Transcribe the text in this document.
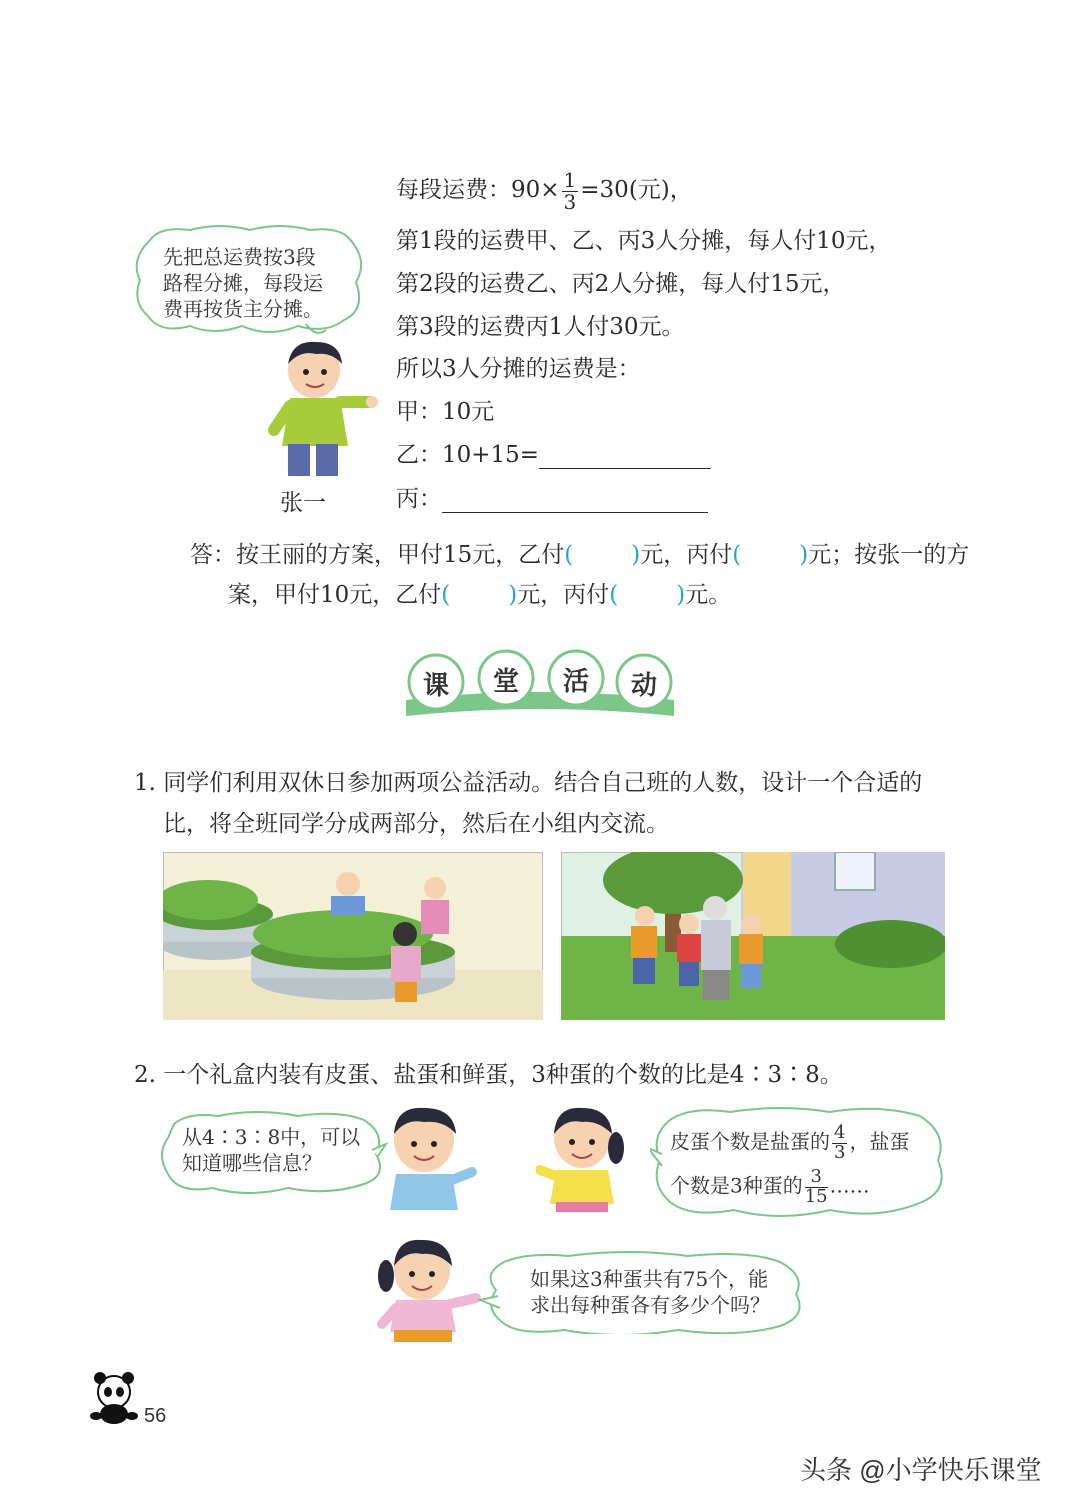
先把总运费按3段
路程分摊，每段运
费再按货主分摊。
张一
每段运费：$90\times \frac{1}{3} =30$(元)，
第1段的运费甲、乙、丙3人分摊，每人付10元，
第2段的运费乙、丙2人分摊，每人付15元，
第3段的运费丙1人付30元。
所以3人分摊的运费是：
甲：10元
乙：10+15=
丙：
答：按王丽的方案，甲付15元，乙付(	)元，丙付(	)元；按张一的方
案，甲付10元，乙付(	)元，丙付(	)元。
课	堂	活	动
1. 同学们利用双休日参加两项公益活动。结合自己班的人数，设计一个合适的
比，将全班同学分成两部分，然后在小组内交流。
2. 一个礼盒内装有皮蛋、盐蛋和鲜蛋，3种蛋的个数的比是4∶3∶8。
从4∶3∶8中，可以
知道哪些信息？
皮蛋个数是盐蛋的 $\frac{4}{3}$ ，盐蛋
个数是3种蛋的 $\frac{3}{15}$ ……
如果这3种蛋共有75个，能
求出每种蛋各有多少个吗？
56
头条 @小学快乐课堂
